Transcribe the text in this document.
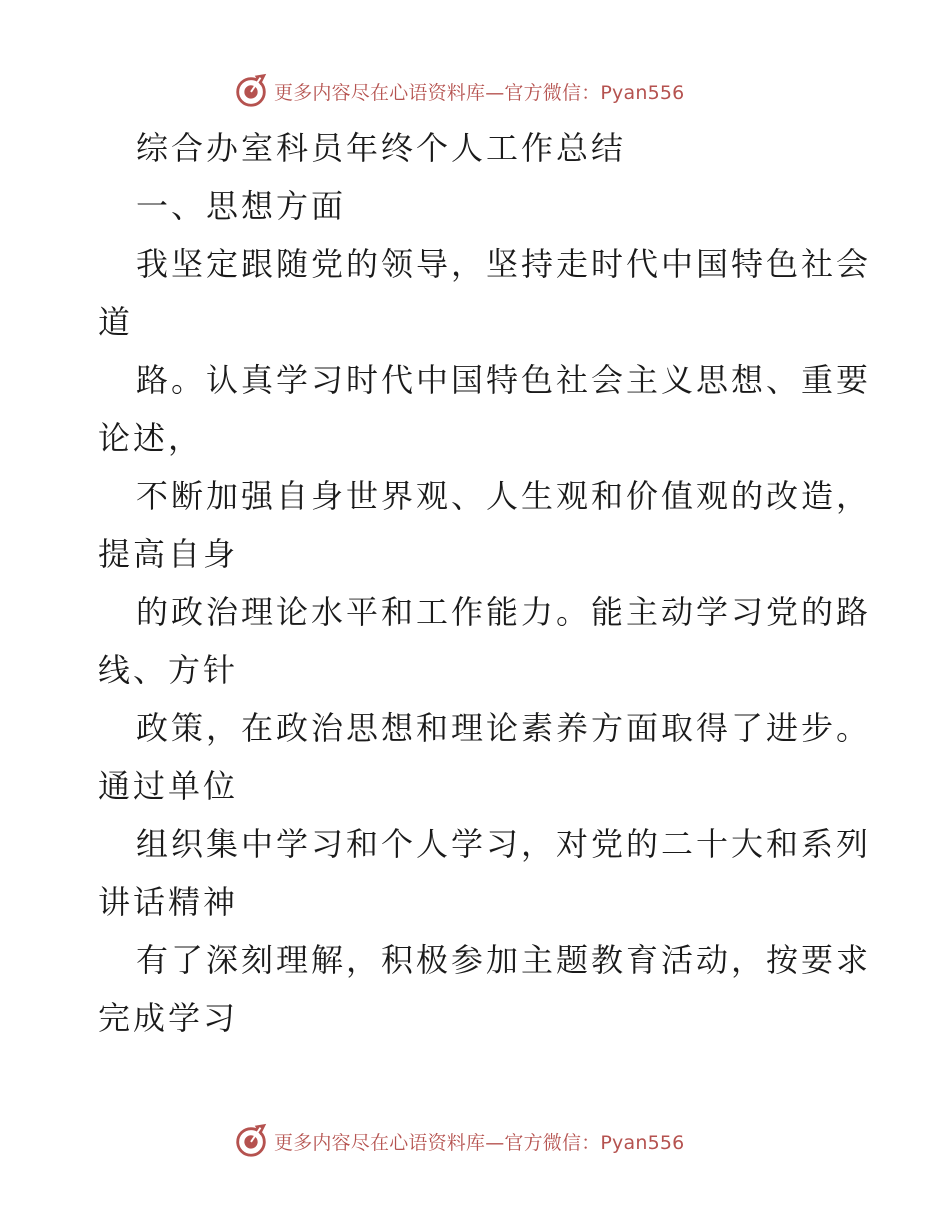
更多内容尽在心语资料库—官方微信：Pyan556
综合办室科员年终个人工作总结
一、思想方面
我坚定跟随党的领导，坚持走时代中国特色社会
道
路。认真学习时代中国特色社会主义思想、重要
论述，
不断加强自身世界观、人生观和价值观的改造，
提高自身
的政治理论水平和工作能力。能主动学习党的路
线、方针
政策，在政治思想和理论素养方面取得了进步。
通过单位
组织集中学习和个人学习，对党的二十大和系列
讲话精神
有了深刻理解，积极参加主题教育活动，按要求
完成学习
更多内容尽在心语资料库—官方微信：Pyan556
